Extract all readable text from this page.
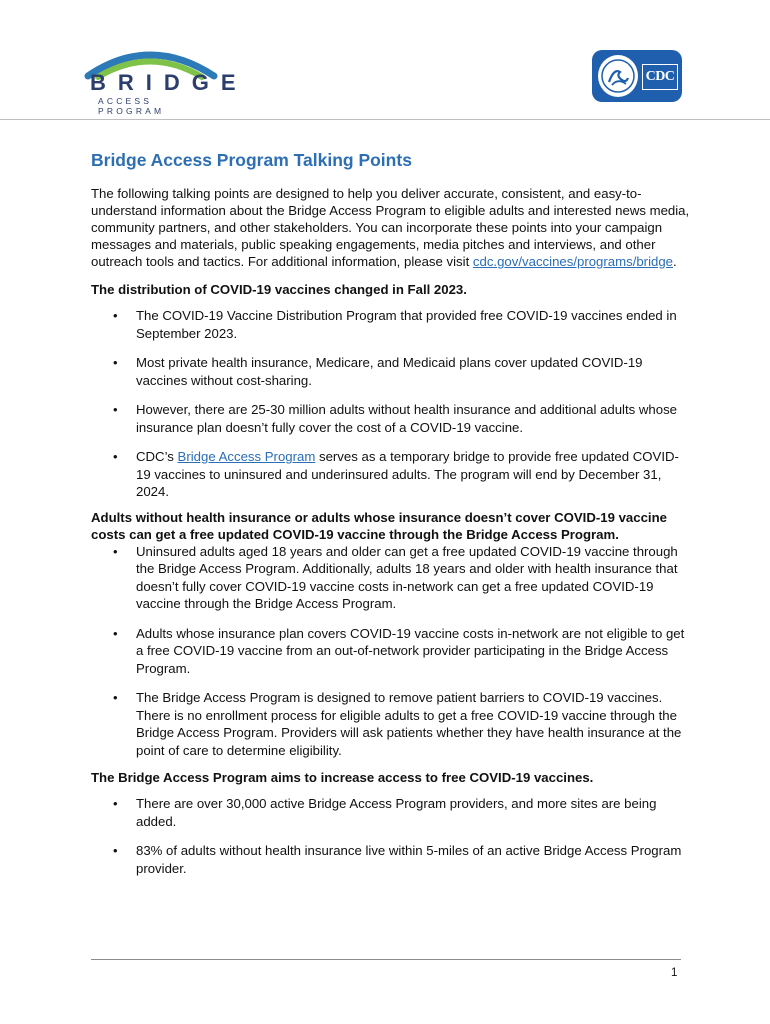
BRIDGE
ACCESS PROGRAM
CDC
Bridge Access Program Talking Points

The following talking points are designed to help you deliver accurate, consistent, and easy-to-understand information about the Bridge Access Program to eligible adults and interested news media, community partners, and other stakeholders. You can incorporate these points into your campaign messages and materials, public speaking engagements, media pitches and interviews, and other outreach tools and tactics. For additional information, please visit cdc.gov/vaccines/programs/bridge.

The distribution of COVID-19 vaccines changed in Fall 2023.
• The COVID-19 Vaccine Distribution Program that provided free COVID-19 vaccines ended in September 2023.
• Most private health insurance, Medicare, and Medicaid plans cover updated COVID-19 vaccines without cost-sharing.
• However, there are 25-30 million adults without health insurance and additional adults whose insurance plan doesn’t fully cover the cost of a COVID-19 vaccine.
• CDC’s Bridge Access Program serves as a temporary bridge to provide free updated COVID-19 vaccines to uninsured and underinsured adults. The program will end by December 31, 2024.
Adults without health insurance or adults whose insurance doesn’t cover COVID-19 vaccine costs can get a free updated COVID-19 vaccine through the Bridge Access Program.
• Uninsured adults aged 18 years and older can get a free updated COVID-19 vaccine through the Bridge Access Program. Additionally, adults 18 years and older with health insurance that doesn’t fully cover COVID-19 vaccine costs in-network can get a free updated COVID-19 vaccine through the Bridge Access Program.
• Adults whose insurance plan covers COVID-19 vaccine costs in-network are not eligible to get a free COVID-19 vaccine from an out-of-network provider participating in the Bridge Access Program.
• The Bridge Access Program is designed to remove patient barriers to COVID-19 vaccines. There is no enrollment process for eligible adults to get a free COVID-19 vaccine through the Bridge Access Program. Providers will ask patients whether they have health insurance at the point of care to determine eligibility.
The Bridge Access Program aims to increase access to free COVID-19 vaccines.
• There are over 30,000 active Bridge Access Program providers, and more sites are being added.
• 83% of adults without health insurance live within 5-miles of an active Bridge Access Program provider.
1
